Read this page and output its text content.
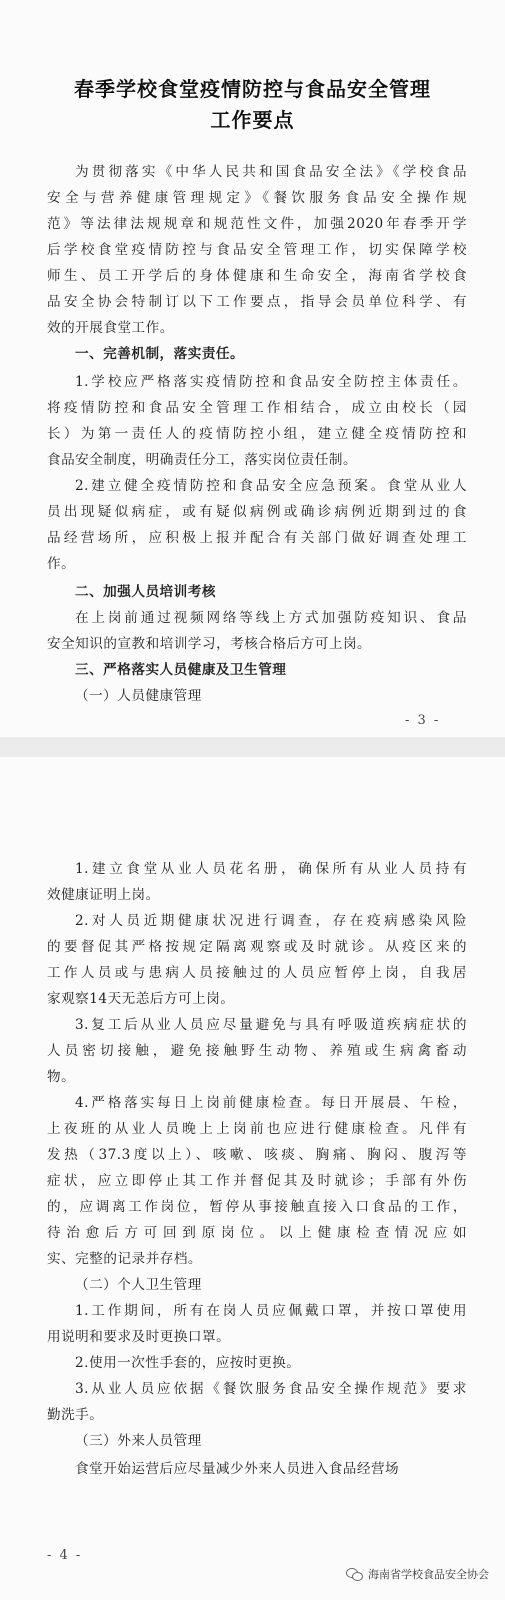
春季学校食堂疫情防控与食品安全管理
工作要点
为贯彻落实《中华人民共和国食品安全法》《学校食品
安全与营养健康管理规定》《餐饮服务食品安全操作规
范》等法律法规规章和规范性文件，加强2020年春季开学
后学校食堂疫情防控与食品安全管理工作，切实保障学校
师生、员工开学后的身体健康和生命安全，海南省学校食
品安全协会特制订以下工作要点，指导会员单位科学、有
效的开展食堂工作。
一、完善机制，落实责任。
1.学校应严格落实疫情防控和食品安全防控主体责任。
将疫情防控和食品安全管理工作相结合，成立由校长（园
长）为第一责任人的疫情防控小组，建立健全疫情防控和
食品安全制度，明确责任分工，落实岗位责任制。
2.建立健全疫情防控和食品安全应急预案。食堂从业人
员出现疑似病症，或有疑似病例或确诊病例近期到过的食
品经营场所，应积极上报并配合有关部门做好调查处理工
作。
二、加强人员培训考核
在上岗前通过视频网络等线上方式加强防疫知识、食品
安全知识的宣教和培训学习，考核合格后方可上岗。
三、严格落实人员健康及卫生管理
（一）人员健康管理
- 3 -
1.建立食堂从业人员花名册，确保所有从业人员持有
效健康证明上岗。
2.对人员近期健康状况进行调查，存在疫病感染风险
的要督促其严格按规定隔离观察或及时就诊。从疫区来的
工作人员或与患病人员接触过的人员应暂停上岗，自我居
家观察14天无恙后方可上岗。
3.复工后从业人员应尽量避免与具有呼吸道疾病症状的
人员密切接触，避免接触野生动物、养殖或生病禽畜动
物。
4.严格落实每日上岗前健康检查。每日开展晨、午检，
上夜班的从业人员晚上上岗前也应进行健康检查。凡伴有
发热（37.3度以上）、咳嗽、咳痰、胸痛、胸闷、腹泻等
症状，应立即停止其工作并督促其及时就诊；手部有外伤
的，应调离工作岗位，暂停从事接触直接入口食品的工作，
待治愈后方可回到原岗位。以上健康检查情况应如
实、完整的记录并存档。
（二）个人卫生管理
1.工作期间，所有在岗人员应佩戴口罩，并按口罩使用
用说明和要求及时更换口罩。
2.使用一次性手套的，应按时更换。
3.从业人员应依据《餐饮服务食品安全操作规范》要求
勤洗手。
（三）外来人员管理
食堂开始运营后应尽量减少外来人员进入食品经营场
- 4 -
海南省学校食品安全协会
